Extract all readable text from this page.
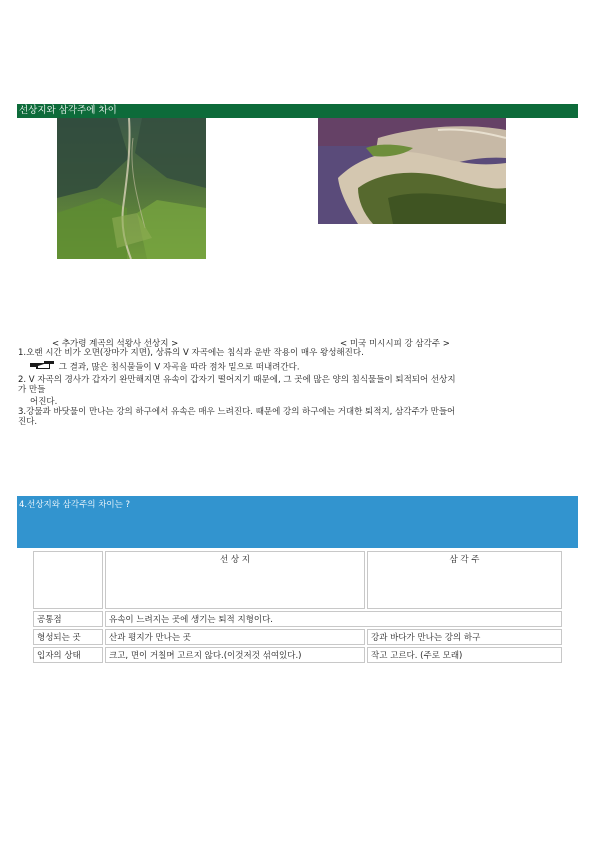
선상지와 삼각주에 차이
< 추가령 계곡의 석왕사 선상지 >	< 미국 미시시피 강 삼각주 >
1.오랜 시간 비가 오면(장마가 지면), 상류의 V 자곡에는 침식과 운반 작용이 매우 왕성해진다.
그 결과, 많은 침식물들이 V 자곡을 따라 점차 밑으로 떠내려간다.
2. V 자곡의 경사가 갑자기 완만해지면 유속이 갑자기 떨어지기 때문에, 그 곳에 많은 양의 침식물들이 퇴적되어 선상지
가 만들
어진다.
3.강물과 바닷물이 만나는 강의 하구에서 유속은 매우 느려진다. 때문에 강의 하구에는 거대한 퇴적지, 삼각주가 만들어
진다.
4.선상지와 삼각주의 차이는 ?
	선 상 지	삼 각 주
공통점	유속이 느려지는 곳에 생기는 퇴적 지형이다.	
형성되는 곳	산과 평지가 만나는 곳	강과 바다가 만나는 강의 하구
입자의 상태	크고, 면이 거칠며 고르지 않다.(이것저것 섞여있다.)	작고 고르다. (주로 모래)
